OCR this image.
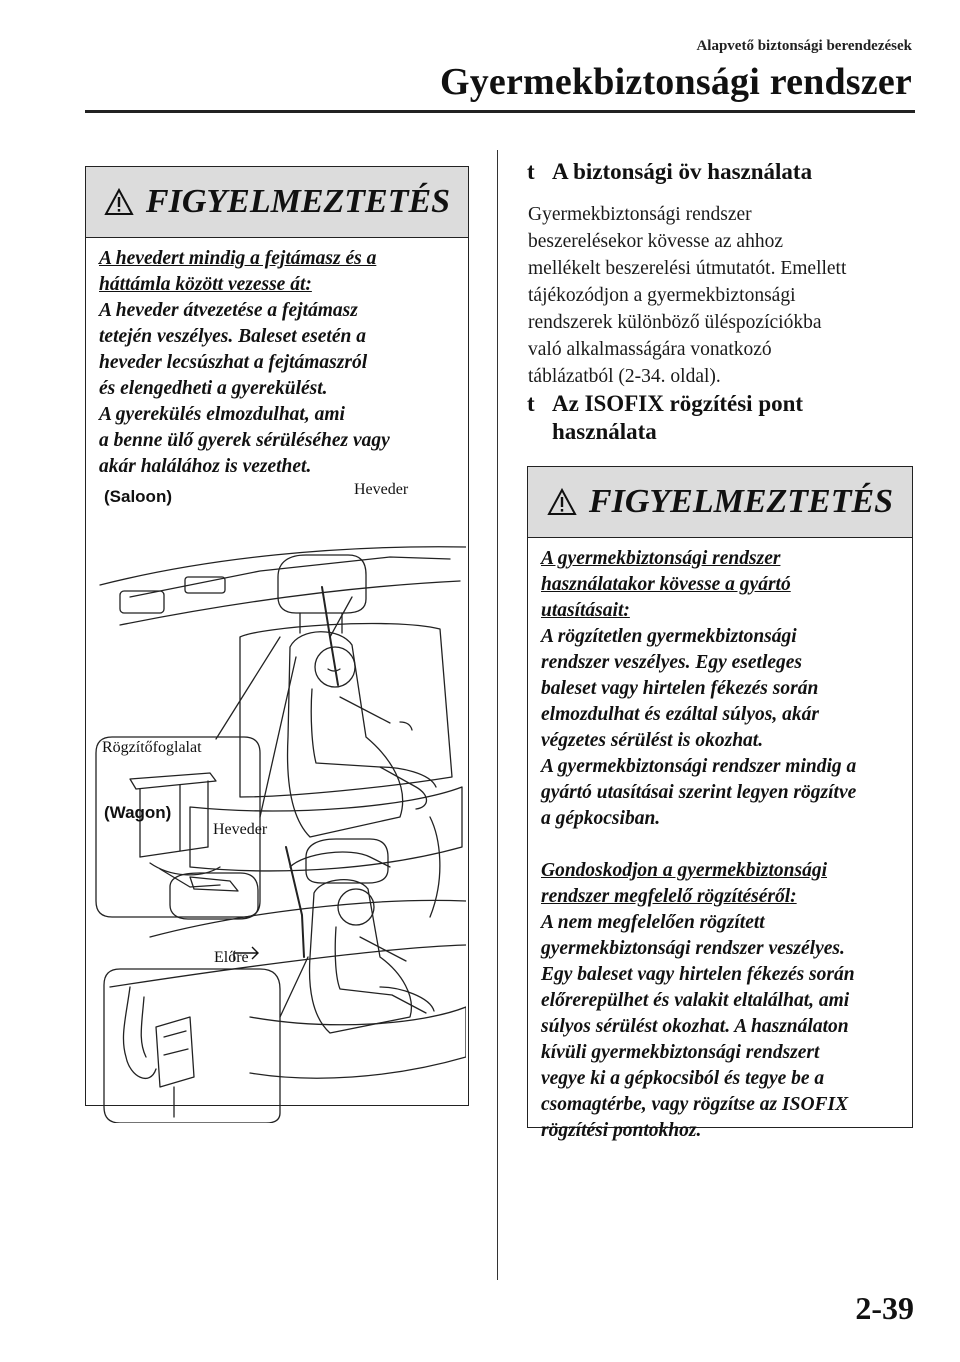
Alapvető biztonsági berendezések
Gyermekbiztonsági rendszer
FIGYELMEZTETÉS

A hevedert mindig a fejtámasz és a

háttámla között vezesse át:

A heveder átvezetése a fejtámasz

tetején veszélyes. Baleset esetén a

heveder lecsúszhat a fejtámaszról

és elengedheti a gyerekülést.

A gyerekülés elmozdulhat, ami

a benne ülő gyerek sérüléséhez vagy

akár halálához is vezethet.

(Saloon)	Heveder
Rögzítőfoglalat
(Wagon)
Heveder
Előre
t A biztonsági öv használata
Gyermekbiztonsági rendszer
beszerelésekor kövesse az ahhoz
mellékelt beszerelési útmutatót. Emellett
tájékozódjon a gyermekbiztonsági
rendszerek különböző üléspozíciókba
való alkalmasságára vonatkozó
táblázatból (2-34. oldal).
t Az ISOFIX rögzítési pont
használata
FIGYELMEZTETÉS

A gyermekbiztonsági rendszer

használatakor kövesse a gyártó

utasításait:

A rögzítetlen gyermekbiztonsági

rendszer veszélyes. Egy esetleges

baleset vagy hirtelen fékezés során

elmozdulhat és ezáltal súlyos, akár

végzetes sérülést is okozhat.

A gyermekbiztonsági rendszer mindig a

gyártó utasításai szerint legyen rögzítve

a gépkocsiban.

Gondoskodjon a gyermekbiztonsági

rendszer megfelelő rögzítéséről:

A nem megfelelően rögzített

gyermekbiztonsági rendszer veszélyes.

Egy baleset vagy hirtelen fékezés során

előrerepülhet és valakit eltalálhat, ami

súlyos sérülést okozhat. A használaton

kívüli gyermekbiztonsági rendszert

vegye ki a gépkocsiból és tegye be a

csomagtérbe, vagy rögzítse az ISOFIX

rögzítési pontokhoz.

2-39
